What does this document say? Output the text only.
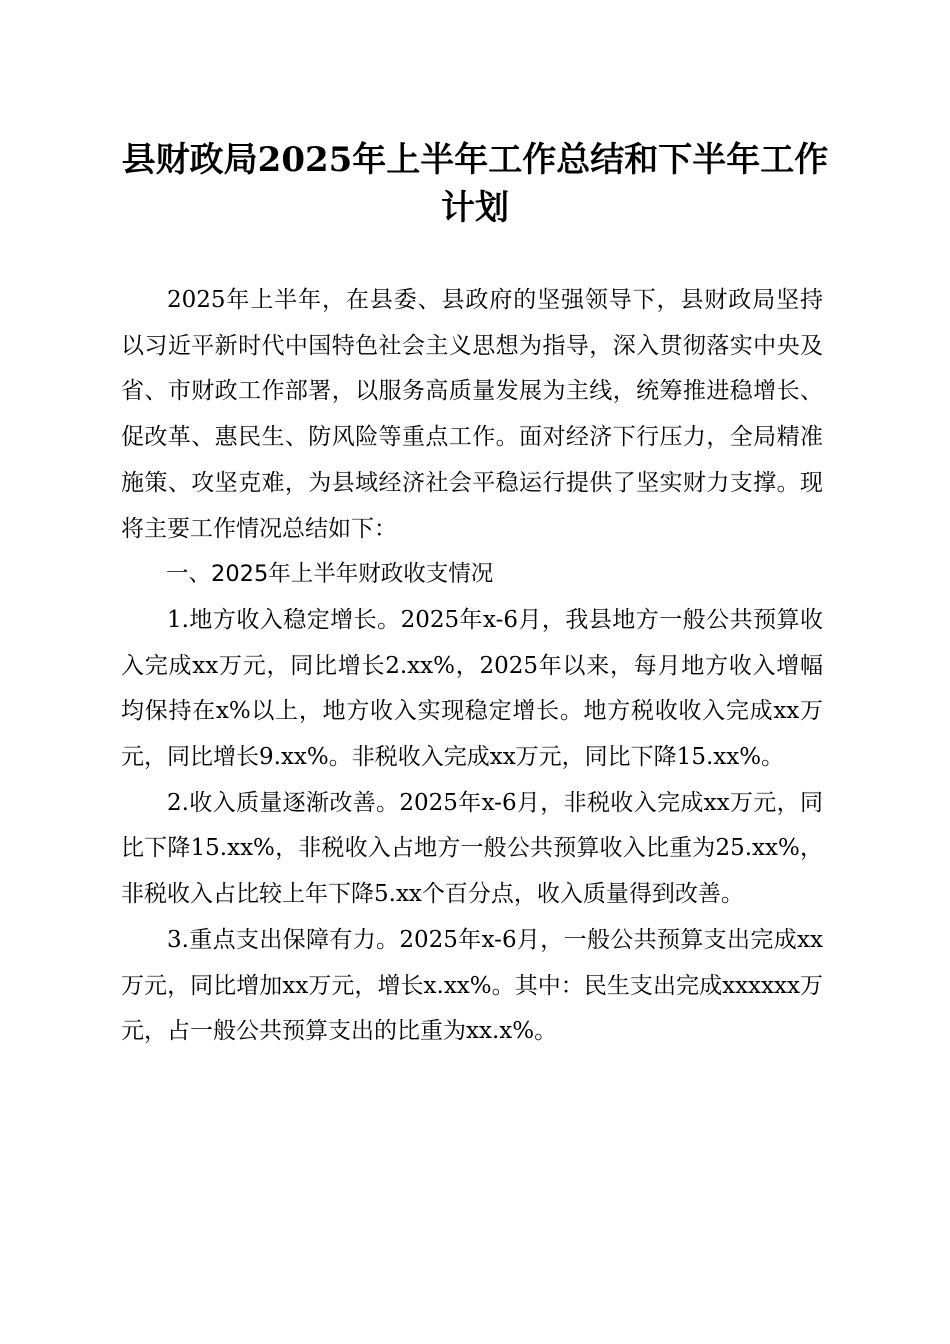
县财政局2025年上半年工作总结和下半年工作计划

2025年上半年，在县委、县政府的坚强领导下，县财政局坚持以习近平新时代中国特色社会主义思想为指导，深入贯彻落实中央及省、市财政工作部署，以服务高质量发展为主线，统筹推进稳增长、促改革、惠民生、防风险等重点工作。面对经济下行压力，全局精准施策、攻坚克难，为县域经济社会平稳运行提供了坚实财力支撑。现将主要工作情况总结如下：

一、2025年上半年财政收支情况

1.地方收入稳定增长。2025年x-6月，我县地方一般公共预算收入完成xx万元，同比增长2.xx%，2025年以来，每月地方收入增幅均保持在x%以上，地方收入实现稳定增长。地方税收收入完成xx万元，同比增长9.xx%。非税收入完成xx万元，同比下降15.xx%。

2.收入质量逐渐改善。2025年x-6月，非税收入完成xx万元，同比下降15.xx%，非税收入占地方一般公共预算收入比重为25.xx%，非税收入占比较上年下降5.xx个百分点，收入质量得到改善。

3.重点支出保障有力。2025年x-6月，一般公共预算支出完成xx万元，同比增加xx万元，增长x.xx%。其中：民生支出完成xxxxxx万元，占一般公共预算支出的比重为xx.x%。
